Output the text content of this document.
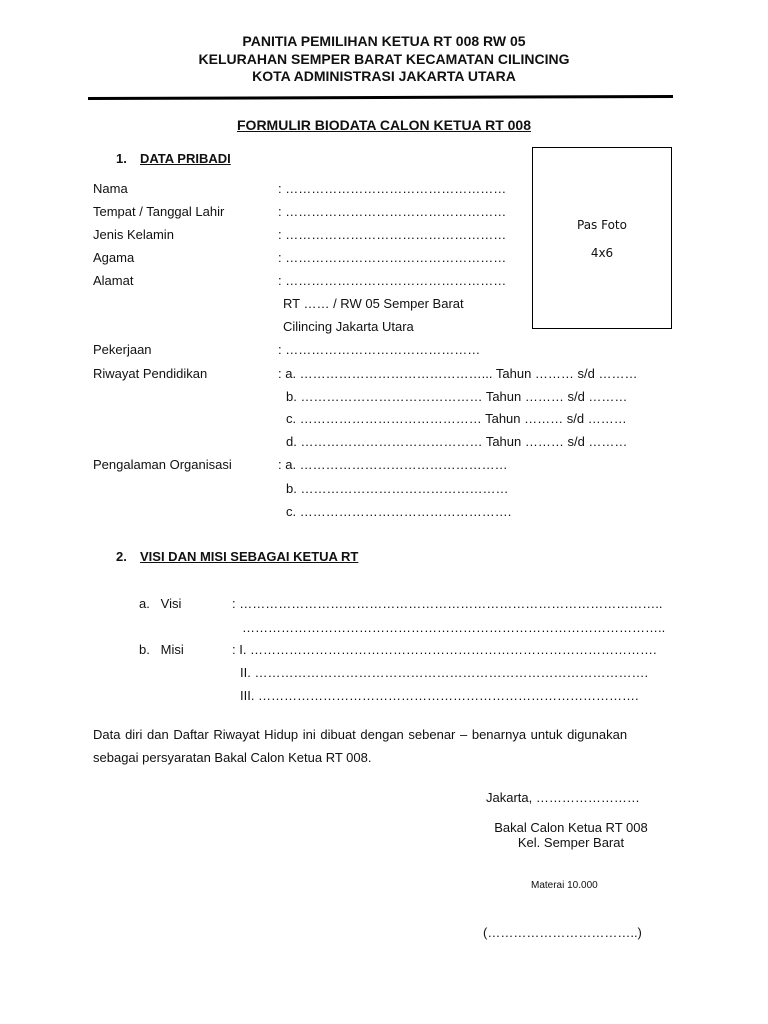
PANITIA PEMILIHAN KETUA RT 008 RW 05
KELURAHAN SEMPER BARAT KECAMATAN CILINCING
KOTA ADMINISTRASI JAKARTA UTARA
FORMULIR BIODATA CALON KETUA RT 008
1. DATA PRIBADI
Nama	: ……………………………………………
Tempat / Tanggal Lahir	: ……………………………………………
Jenis Kelamin	: ……………………………………………
Agama	: ……………………………………………
Alamat	: ……………………………………………
RT …… / RW 05 Semper Barat
Cilincing Jakarta Utara
Pekerjaan	: ………………………………………
Riwayat Pendidikan	: a. ……………………………………... Tahun ……… s/d ………
b. …………………………………… Tahun ……… s/d ………
c. …………………………………… Tahun ……… s/d ………
d. …………………………………… Tahun ……… s/d ………
Pengalaman Organisasi	: a. …………………………………………
b. …………………………………………
c. ………………………………………….
Pas Foto
4x6
2. VISI DAN MISI SEBAGAI KETUA RT
a.   Visi	: ……………………………………………………………………………………..
……………………………………………………………………………………..
b.   Misi	: I. ………………………………………………………………………………….
II. ……………………………………………………………………………….
III. …………………………………………………………………………….
Data diri dan Daftar Riwayat Hidup ini dibuat dengan sebenar – benarnya untuk digunakan
sebagai persyaratan Bakal Calon Ketua RT 008.
Jakarta, ……………………
Bakal Calon Ketua RT 008
Kel. Semper Barat
Materai 10.000
(……………………………..)
